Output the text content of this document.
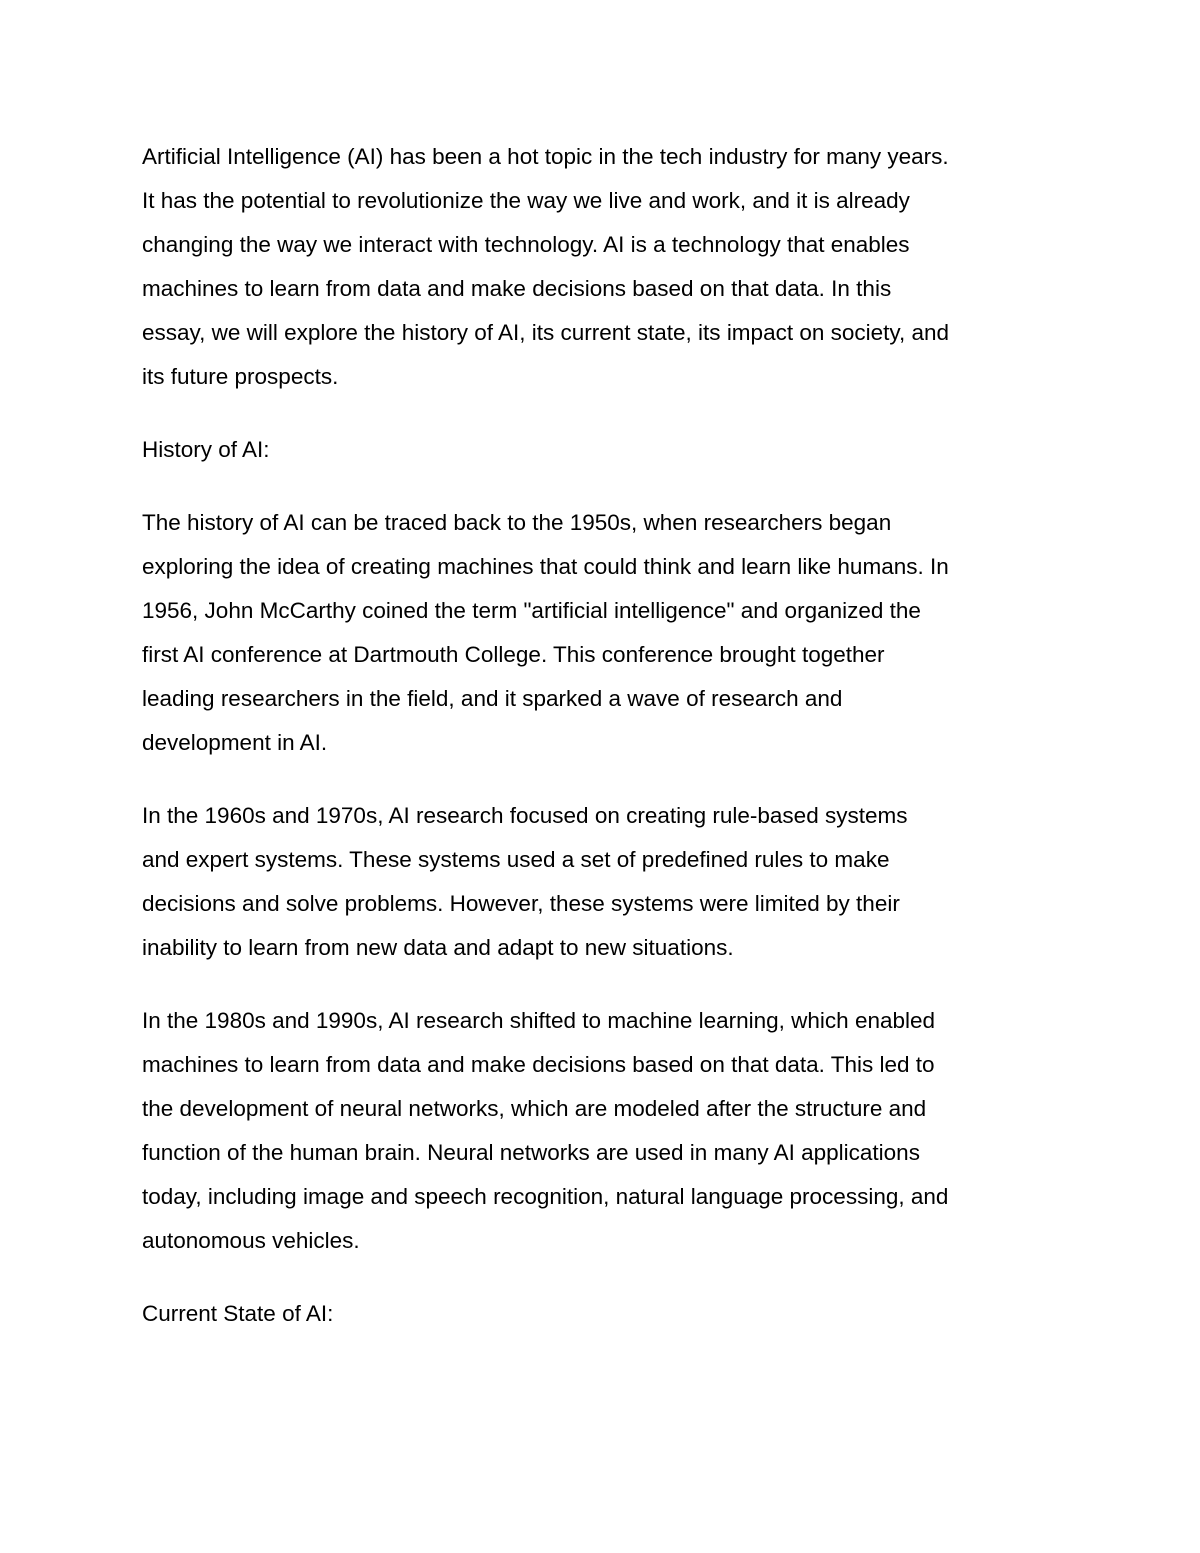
Artificial Intelligence (AI) has been a hot topic in the tech industry for many years.
It has the potential to revolutionize the way we live and work, and it is already
changing the way we interact with technology. AI is a technology that enables
machines to learn from data and make decisions based on that data. In this
essay, we will explore the history of AI, its current state, its impact on society, and
its future prospects.

History of AI:

The history of AI can be traced back to the 1950s, when researchers began
exploring the idea of creating machines that could think and learn like humans. In
1956, John McCarthy coined the term "artificial intelligence" and organized the
first AI conference at Dartmouth College. This conference brought together
leading researchers in the field, and it sparked a wave of research and
development in AI.

In the 1960s and 1970s, AI research focused on creating rule-based systems
and expert systems. These systems used a set of predefined rules to make
decisions and solve problems. However, these systems were limited by their
inability to learn from new data and adapt to new situations.

In the 1980s and 1990s, AI research shifted to machine learning, which enabled
machines to learn from data and make decisions based on that data. This led to
the development of neural networks, which are modeled after the structure and
function of the human brain. Neural networks are used in many AI applications
today, including image and speech recognition, natural language processing, and
autonomous vehicles.

Current State of AI:
